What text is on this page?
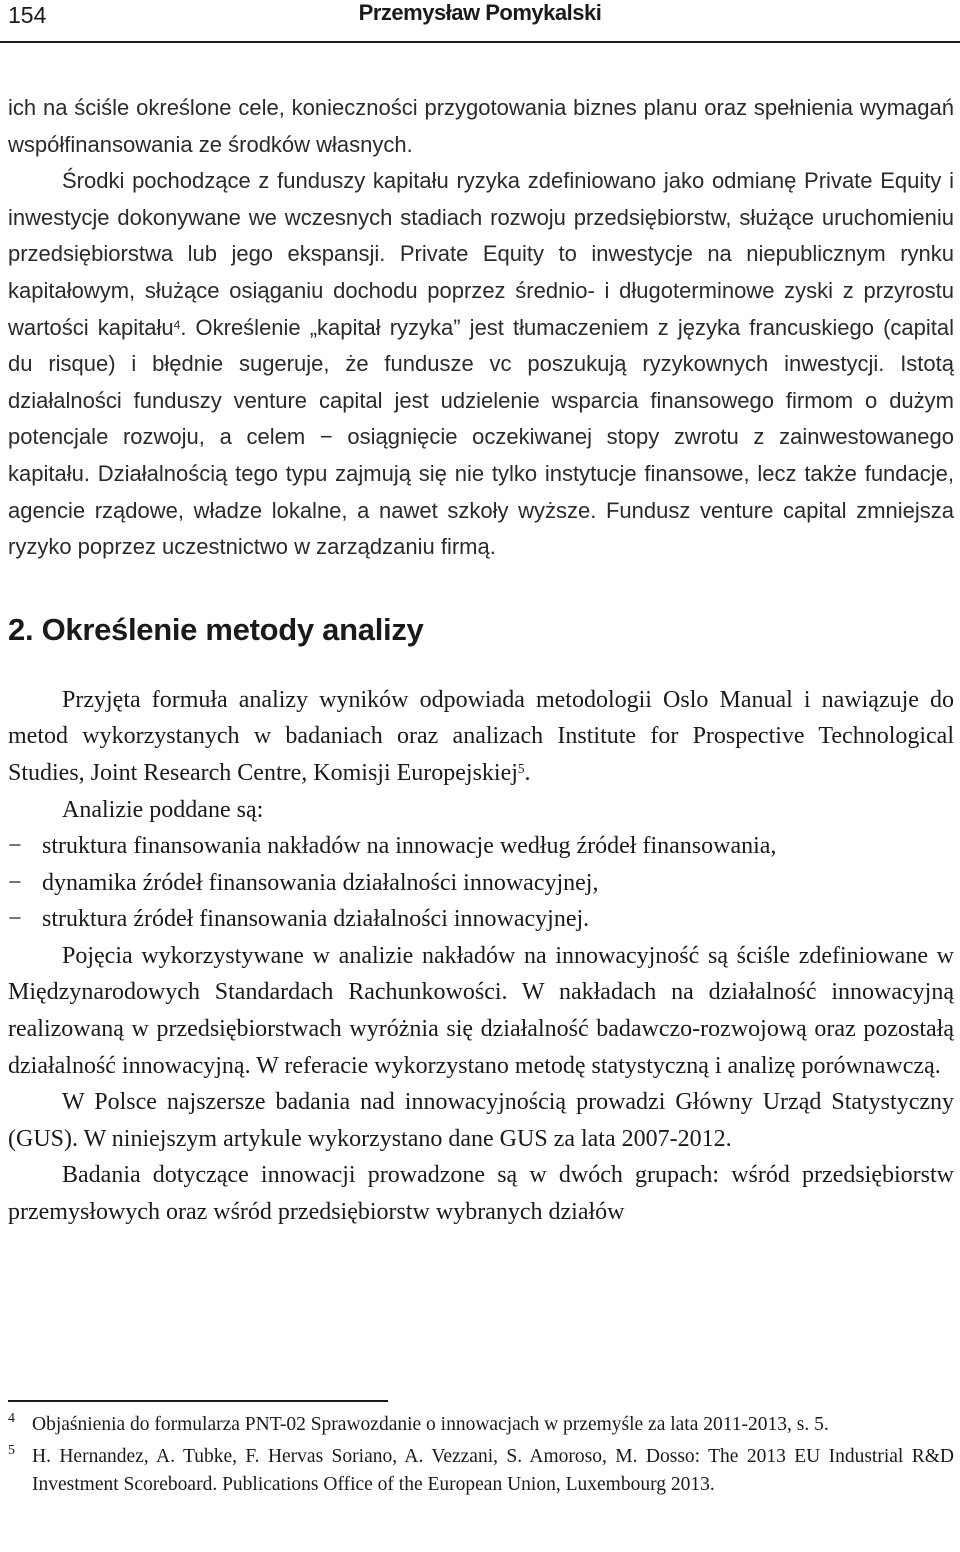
154	Przemysław Pomykalski

ich na ściśle określone cele, konieczności przygotowania biznes planu oraz spełnienia wymagań współfinansowania ze środków własnych.

Środki pochodzące z funduszy kapitału ryzyka zdefiniowano jako odmianę Private Equity i inwestycje dokonywane we wczesnych stadiach rozwoju przedsiębiorstw, służące uruchomieniu przedsiębiorstwa lub jego ekspansji. Private Equity to inwestycje na niepublicznym rynku kapitałowym, służące osiąganiu dochodu poprzez średnio- i długoterminowe zyski z przyrostu wartości kapitału$^4$. Określenie „kapitał ryzyka” jest tłumaczeniem z języka francuskiego (capital du risque) i błędnie sugeruje, że fundusze vc poszukują ryzykownych inwestycji. Istotą działalności funduszy venture capital jest udzielenie wsparcia finansowego firmom o dużym potencjale rozwoju, a celem − osiągnięcie oczekiwanej stopy zwrotu z zainwestowanego kapitału. Działalnością tego typu zajmują się nie tylko instytucje finansowe, lecz także fundacje, agencie rządowe, władze lokalne, a nawet szkoły wyższe. Fundusz venture capital zmniejsza ryzyko poprzez uczestnictwo w zarządzaniu firmą.

2. Określenie metody analizy

Przyjęta formuła analizy wyników odpowiada metodologii Oslo Manual i nawiązuje do metod wykorzystanych w badaniach oraz analizach Institute for Prospective Technological Studies, Joint Research Centre, Komisji Europejskiej$^5$.

Analizie poddane są:

− struktura finansowania nakładów na innowacje według źródeł finansowania,
− dynamika źródeł finansowania działalności innowacyjnej,
− struktura źródeł finansowania działalności innowacyjnej.

Pojęcia wykorzystywane w analizie nakładów na innowacyjność są ściśle zdefiniowane w Międzynarodowych Standardach Rachunkowości. W nakładach na działalność innowacyjną realizowaną w przedsiębiorstwach wyróżnia się działalność badawczo-rozwojową oraz pozostałą działalność innowacyjną. W referacie wykorzystano metodę statystyczną i analizę porównawczą.

W Polsce najszersze badania nad innowacyjnością prowadzi Główny Urząd Statystyczny (GUS). W niniejszym artykule wykorzystano dane GUS za lata 2007-2012.

Badania dotyczące innowacji prowadzone są w dwóch grupach: wśród przedsiębiorstw przemysłowych oraz wśród przedsiębiorstw wybranych działów

4 Objaśnienia do formularza PNT-02 Sprawozdanie o innowacjach w przemyśle za lata 2011-2013, s. 5.
5 H. Hernandez, A. Tubke, F. Hervas Soriano, A. Vezzani, S. Amoroso, M. Dosso: The 2013 EU Industrial R&D Investment Scoreboard. Publications Office of the European Union, Luxembourg 2013.
